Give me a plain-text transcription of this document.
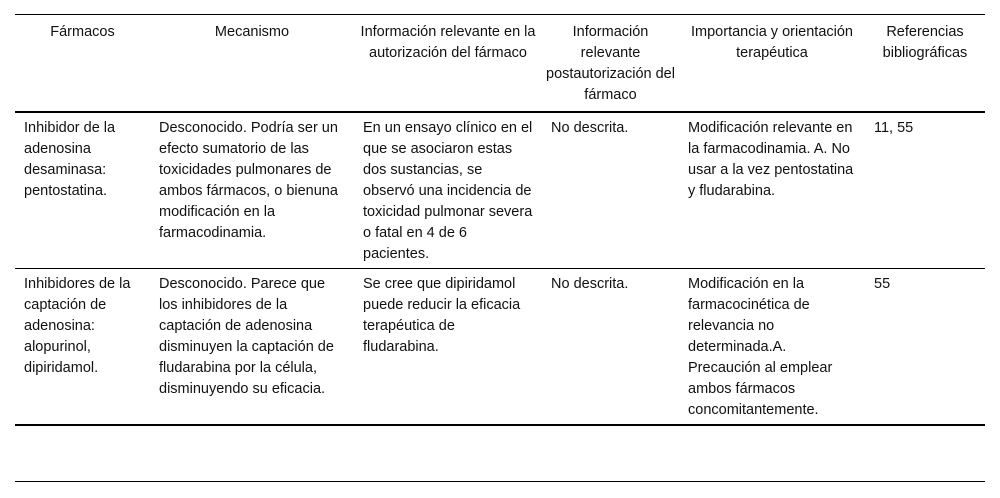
Fármacos	Mecanismo	Información relevante en la autorización del fármaco	Información relevante postautorización del fármaco	Importancia y orientación terapéutica	Referencias bibliográficas
Inhibidor de la adenosina desaminasa: pentostatina.	Desconocido. Podría ser un efecto sumatorio de las toxicidades pulmonares de ambos fármacos, o bienuna modificación en la farmacodinamia.	En un ensayo clínico en el que se asociaron estas dos sustancias, se observó una incidencia de toxicidad pulmonar severa o fatal en 4 de 6 pacientes.	No descrita.	Modificación relevante en la farmacodinamia. A. No usar a la vez pentostatina y fludarabina.	11, 55
Inhibidores de la captación de adenosina: alopurinol, dipiridamol.	Desconocido. Parece que los inhibidores de la captación de adenosina disminuyen la captación de fludarabina por la célula, disminuyendo su eficacia.	Se cree que dipiridamol puede reducir la eficacia terapéutica de fludarabina.	No descrita.	Modificación en la farmacocinética de relevancia no determinada.A. Precaución al emplear ambos fármacos concomitantemente.	55
